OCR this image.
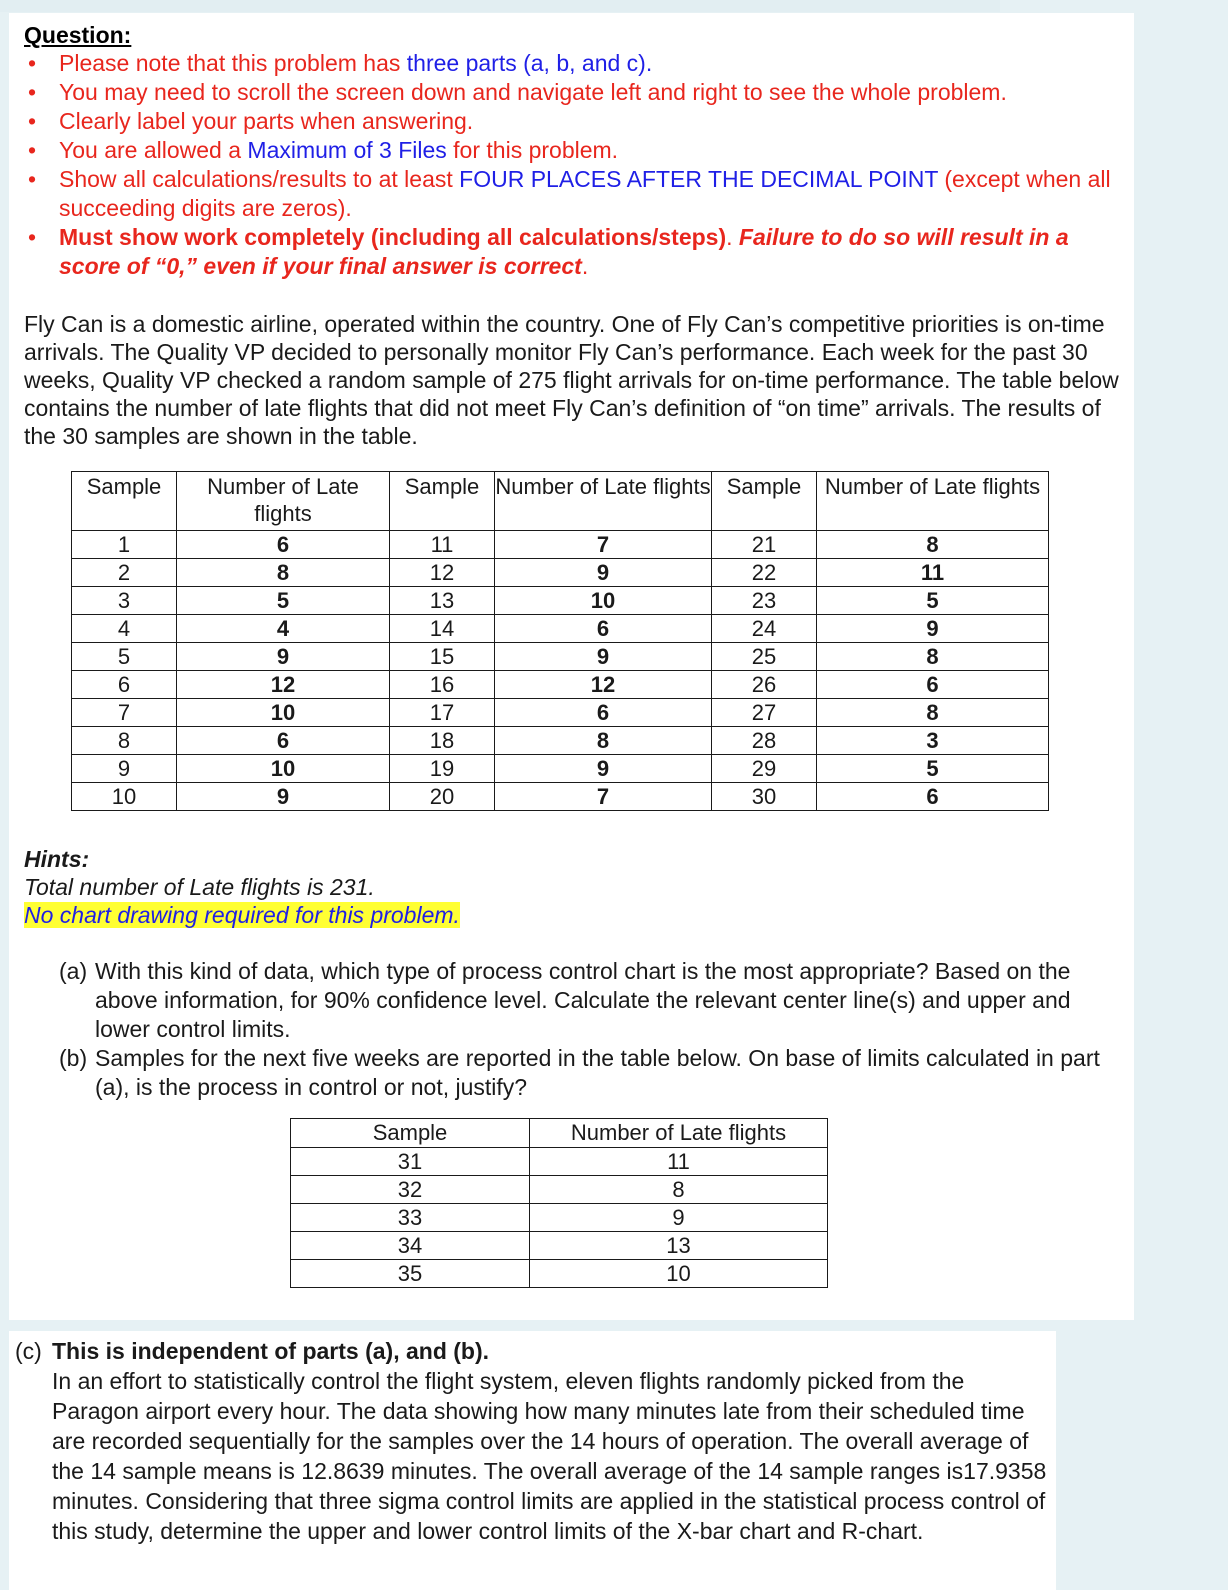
Question:
• Please note that this problem has three parts (a, b, and c).
• You may need to scroll the screen down and navigate left and right to see the whole problem.
• Clearly label your parts when answering.
• You are allowed a Maximum of 3 Files for this problem.
• Show all calculations/results to at least FOUR PLACES AFTER THE DECIMAL POINT (except when all succeeding digits are zeros).
• Must show work completely (including all calculations/steps). Failure to do so will result in a score of “0,” even if your final answer is correct.
Fly Can is a domestic airline, operated within the country. One of Fly Can’s competitive priorities is on-time arrivals. The Quality VP decided to personally monitor Fly Can’s performance. Each week for the past 30 weeks, Quality VP checked a random sample of 275 flight arrivals for on-time performance. The table below contains the number of late flights that did not meet Fly Can’s definition of “on time” arrivals. The results of the 30 samples are shown in the table.
Sample	Number of Late flights	Sample	Number of Late flights	Sample	Number of Late flights
1	6	11	7	21	8
2	8	12	9	22	11
3	5	13	10	23	5
4	4	14	6	24	9
5	9	15	9	25	8
6	12	16	12	26	6
7	10	17	6	27	8
8	6	18	8	28	3
9	10	19	9	29	5
10	9	20	7	30	6
Hints:
Total number of Late flights is 231.
No chart drawing required for this problem.
(a) With this kind of data, which type of process control chart is the most appropriate? Based on the above information, for 90% confidence level. Calculate the relevant center line(s) and upper and lower control limits.
(b) Samples for the next five weeks are reported in the table below. On base of limits calculated in part (a), is the process in control or not, justify?
Sample	Number of Late flights
31	11
32	8
33	9
34	13
35	10
(c) This is independent of parts (a), and (b).
In an effort to statistically control the flight system, eleven flights randomly picked from the Paragon airport every hour. The data showing how many minutes late from their scheduled time are recorded sequentially for the samples over the 14 hours of operation. The overall average of the 14 sample means is 12.8639 minutes. The overall average of the 14 sample ranges is17.9358 minutes. Considering that three sigma control limits are applied in the statistical process control of this study, determine the upper and lower control limits of the X-bar chart and R-chart.
